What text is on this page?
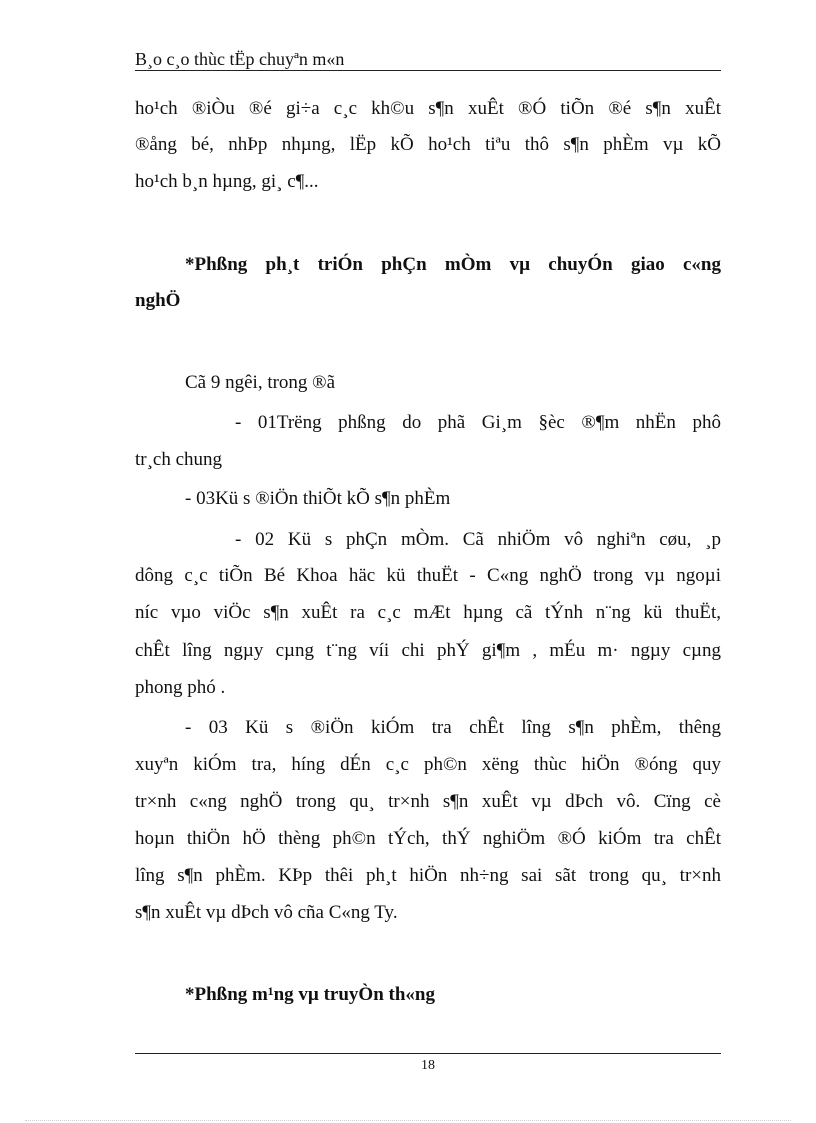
B¸o c¸o thùc tËp chuyªn m«n
ho¹ch ®iÒu ®é gi÷a c¸c kh©u s¶n xuÊt ®Ó tiÕn ®é s¶n xuÊt
®ång bé, nhÞp nhµng, lËp kÕ ho¹ch tiªu thô s¶n phÈm vµ kÕ
ho¹ch b¸n hµng, gi¸ c¶...
*Phßng ph¸t triÓn phÇn mÒm vµ chuyÓn giao c«ng
nghÖ
Cã 9 ngêi, trong ®ã
- 01Trëng phßng do phã Gi¸m §èc ®¶m nhËn phô
tr¸ch chung
- 03Kü s ®iÖn thiÕt kÕ s¶n phÈm
- 02 Kü s phÇn mÒm. Cã nhiÖm vô nghiªn cøu, ¸p
dông c¸c tiÕn Bé Khoa häc kü thuËt - C«ng nghÖ trong vµ ngoµi
níc vµo viÖc s¶n xuÊt ra c¸c mÆt hµng cã tÝnh n¨ng kü thuËt,
chÊt lîng ngµy cµng t¨ng víi chi phÝ gi¶m , mÉu m· ngµy cµng
phong phó .
- 03 Kü s ®iÖn kiÓm tra chÊt lîng s¶n phÈm, thêng
xuyªn kiÓm tra, híng dÉn c¸c ph©n xëng thùc hiÖn ®óng quy
tr×nh c«ng nghÖ trong qu¸ tr×nh s¶n xuÊt vµ dÞch vô. Cïng cè
hoµn thiÖn hÖ thèng ph©n tÝch, thÝ nghiÖm ®Ó kiÓm tra chÊt
lîng s¶n phÈm. KÞp thêi ph¸t hiÖn nh÷ng sai sãt trong qu¸ tr×nh
s¶n xuÊt vµ dÞch vô cña C«ng Ty.
*Phßng m¹ng vµ truyÒn th«ng
18
